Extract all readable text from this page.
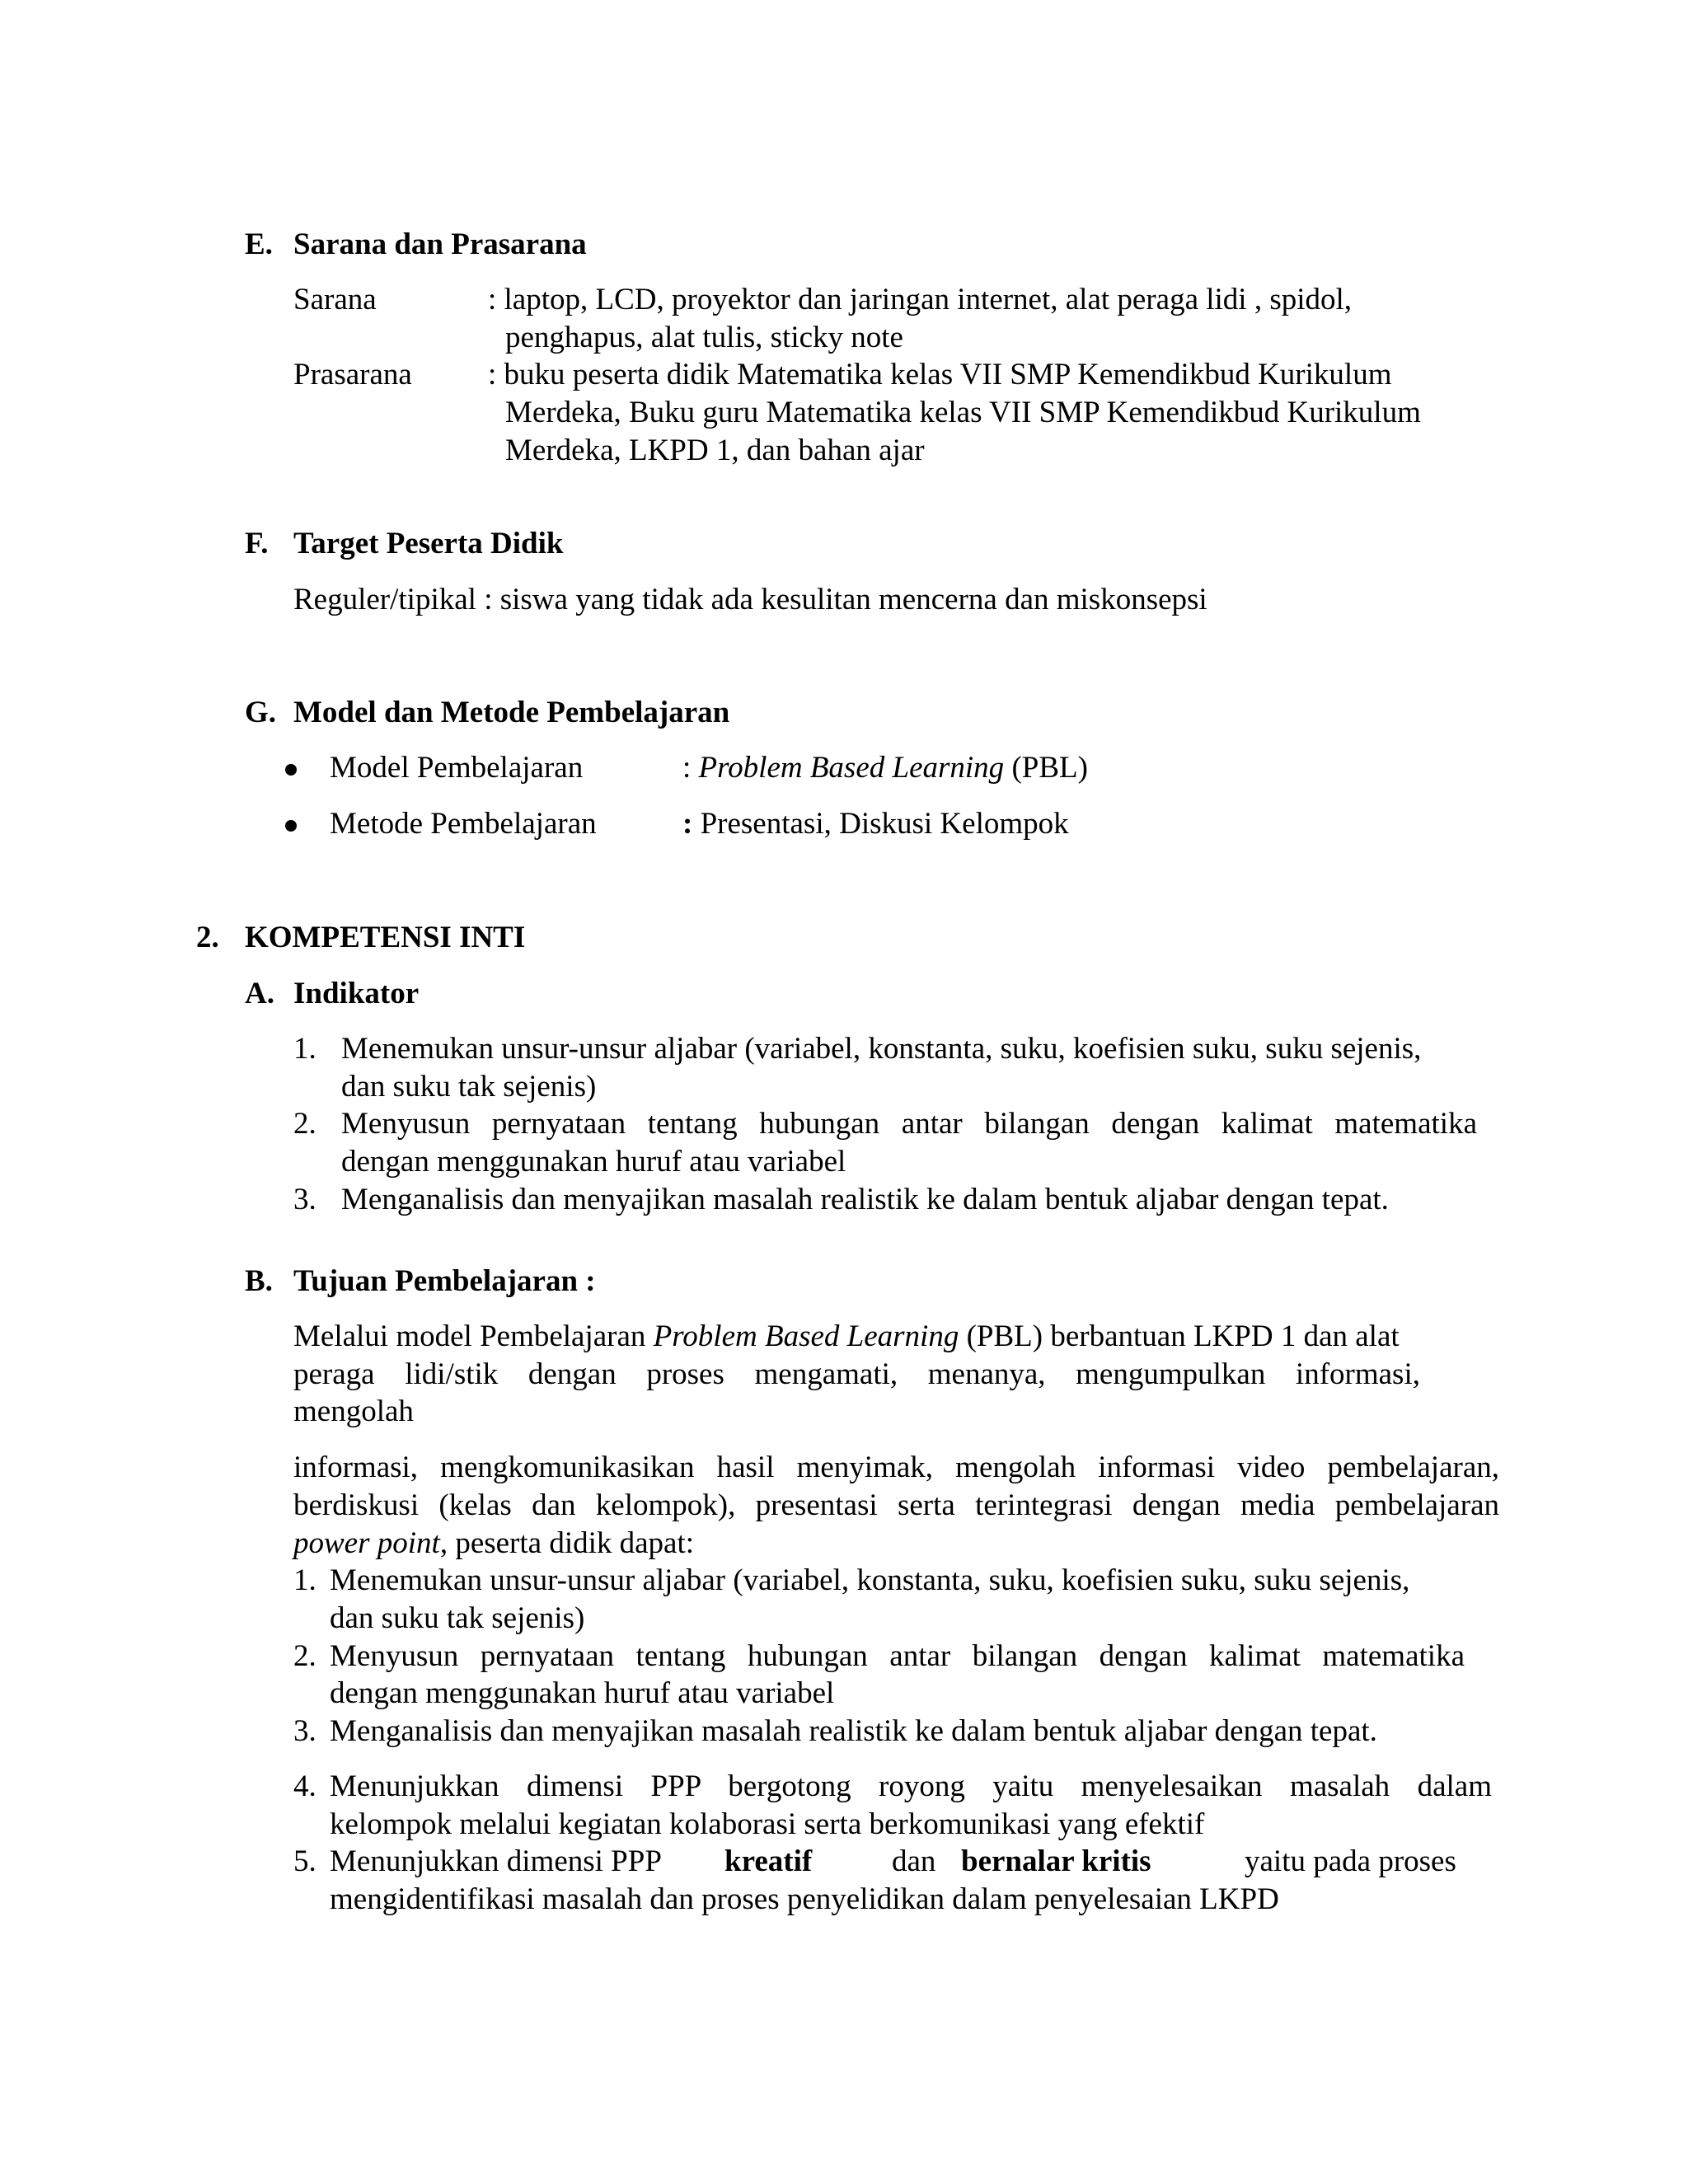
E. Sarana dan Prasarana
Sarana	: laptop, LCD, proyektor dan jaringan internet, alat peraga lidi , spidol,
penghapus, alat tulis, sticky note
Prasarana : buku peserta didik Matematika kelas VII SMP Kemendikbud Kurikulum
Merdeka, Buku guru Matematika kelas VII SMP Kemendikbud Kurikulum
Merdeka, LKPD 1, dan bahan ajar
F. Target Peserta Didik
Reguler/tipikal : siswa yang tidak ada kesulitan mencerna dan miskonsepsi
G. Model dan Metode Pembelajaran
Model Pembelajaran	: Problem Based Learning (PBL)
Metode Pembelajaran	: Presentasi, Diskusi Kelompok
2. KOMPETENSI INTI
A. Indikator
1. Menemukan unsur-unsur aljabar (variabel, konstanta, suku, koefisien suku, suku sejenis,
dan suku tak sejenis)
2. Menyusun pernyataan tentang hubungan antar bilangan dengan kalimat matematika
dengan menggunakan huruf atau variabel
3. Menganalisis dan menyajikan masalah realistik ke dalam bentuk aljabar dengan tepat.
B. Tujuan Pembelajaran :
Melalui model Pembelajaran Problem Based Learning (PBL) berbantuan LKPD 1 dan alat
peraga lidi/stik dengan proses mengamati, menanya, mengumpulkan informasi,
mengolah
informasi, mengkomunikasikan hasil menyimak, mengolah informasi video pembelajaran,
berdiskusi (kelas dan kelompok), presentasi serta terintegrasi dengan media pembelajaran
power point, peserta didik dapat:
1. Menemukan unsur-unsur aljabar (variabel, konstanta, suku, koefisien suku, suku sejenis,
dan suku tak sejenis)
2. Menyusun pernyataan tentang hubungan antar bilangan dengan kalimat matematika
dengan menggunakan huruf atau variabel
3. Menganalisis dan menyajikan masalah realistik ke dalam bentuk aljabar dengan tepat.
4. Menunjukkan dimensi PPP bergotong royong yaitu menyelesaikan masalah dalam
kelompok melalui kegiatan kolaborasi serta berkomunikasi yang efektif
5. Menunjukkan dimensi PPP kreatif	dan bernalar kritis	yaitu pada proses
mengidentifikasi masalah dan proses penyelidikan dalam penyelesaian LKPD
